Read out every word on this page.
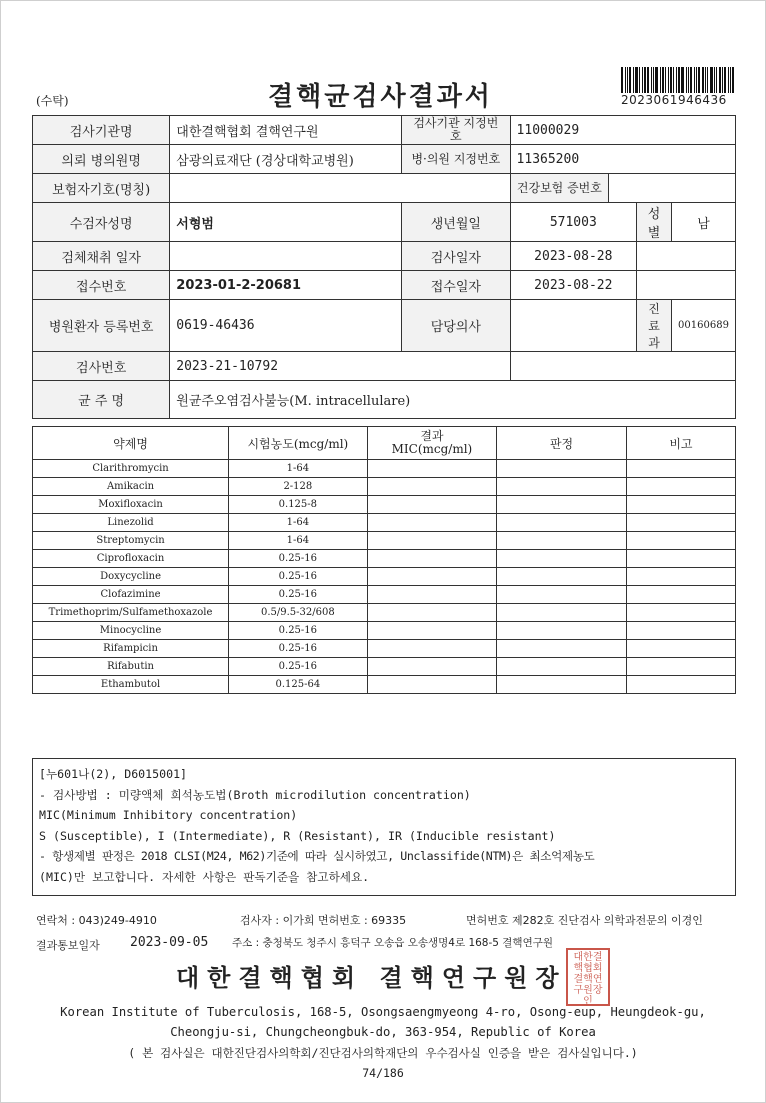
(수탁)	결핵균검사결과서	2023061946436
검사기관명	대한결핵협회 결핵연구원	검사기관 지정번호	11000029			
의뢰 병의원명	삼광의료재단 (경상대학교병원)	병·의원 지정번호	11365200			
보험자기호(명칭)			건강보험 증번호			
수검자성명	서형범	생년월일	571003		성별	남
검체채취 일자		검사일자	2023-08-28			
접수번호	2023-01-2-20681	접수일자	2023-08-22			
병원환자 등록번호	0619-46436	담당의사			진료과	00160689
검사번호	2023-21-10792					
균 주 명	원균주오염검사불능(M. intracellulare)					
약제명	시험농도(mcg/ml)	결과 MIC(mcg/ml)	판정	비고
Clarithromycin	1-64			
Amikacin	2-128			
Moxifloxacin	0.125-8			
Linezolid	1-64			
Streptomycin	1-64			
Ciprofloxacin	0.25-16			
Doxycycline	0.25-16			
Clofazimine	0.25-16			
Trimethoprim/Sulfamethoxazole	0.5/9.5-32/608			
Minocycline	0.25-16			
Rifampicin	0.25-16			
Rifabutin	0.25-16			
Ethambutol	0.125-64			
[누601나(2), D6015001]
- 검사방법 : 미량액체 희석농도법(Broth microdilution concentration)
MIC(Minimum Inhibitory concentration)
S (Susceptible), I (Intermediate), R (Resistant), IR (Inducible resistant)
- 항생제별 판정은 2018 CLSI(M24, M62)기준에 따라 실시하였고, Unclassifide(NTM)은 최소억제농도
(MIC)만 보고합니다. 자세한 사항은 판독기준을 참고하세요.
연락처 : 043)249-4910	검사자 : 이가희 면허번호 : 69335	면허번호 제282호 진단검사 의학과전문의 이경인
결과통보일자 2023-09-05 주소 : 충청북도 청주시 흥덕구 오송읍 오송생명4로 168-5 결핵연구원
대한결핵협회 결핵연구원장
대한결핵협회결핵연구원장인
Korean Institute of Tuberculosis, 168-5, Osongsaengmyeong 4-ro, Osong-eup, Heungdeok-gu,
Cheongju-si, Chungcheongbuk-do, 363-954, Republic of Korea
( 본 검사실은 대한진단검사의학회/진단검사의학재단의 우수검사실 인증을 받은 검사실입니다.)
74/186
